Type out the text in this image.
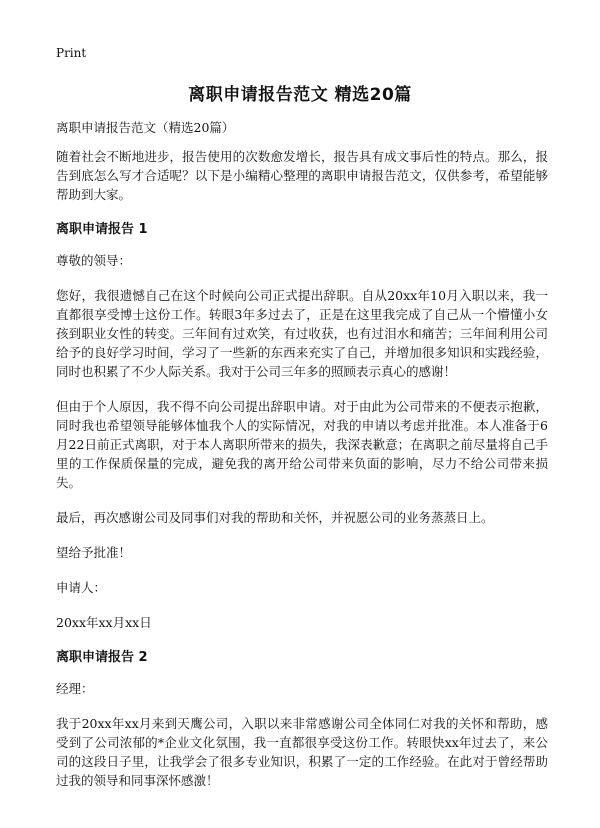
Print
离职申请报告范文 精选20篇

离职申请报告范文（精选20篇）

随着社会不断地进步，报告使用的次数愈发增长，报告具有成文事后性的特点。那么，报告到底怎么写才合适呢？以下是小编精心整理的离职申请报告范文，仅供参考，希望能够帮助到大家。

离职申请报告 1

尊敬的领导：

您好，我很遗憾自己在这个时候向公司正式提出辞职。自从20xx年10月入职以来，我一直都很享受博士这份工作。转眼3年多过去了，正是在这里我完成了自己从一个懵懂小女孩到职业女性的转变。三年间有过欢笑，有过收获，也有过泪水和痛苦；三年间利用公司给予的良好学习时间，学习了一些新的东西来充实了自己，并增加很多知识和实践经验，同时也积累了不少人际关系。我对于公司三年多的照顾表示真心的感谢！

但由于个人原因，我不得不向公司提出辞职申请。对于由此为公司带来的不便表示抱歉，同时我也希望领导能够体恤我个人的实际情况，对我的申请以考虑并批准。本人准备于6月22日前正式离职，对于本人离职所带来的损失，我深表歉意；在离职之前尽量将自己手里的工作保质保量的完成，避免我的离开给公司带来负面的影响，尽力不给公司带来损失。

最后，再次感谢公司及同事们对我的帮助和关怀，并祝愿公司的业务蒸蒸日上。

望给予批准！

申请人：

20xx年xx月xx日

离职申请报告 2

经理：

我于20xx年xx月来到天鹰公司，入职以来非常感谢公司全体同仁对我的关怀和帮助，感受到了公司浓郁的*企业文化氛围，我一直都很享受这份工作。转眼快xx年过去了，来公司的这段日子里，让我学会了很多专业知识，积累了一定的工作经验。在此对于曾经帮助过我的领导和同事深怀感激！
